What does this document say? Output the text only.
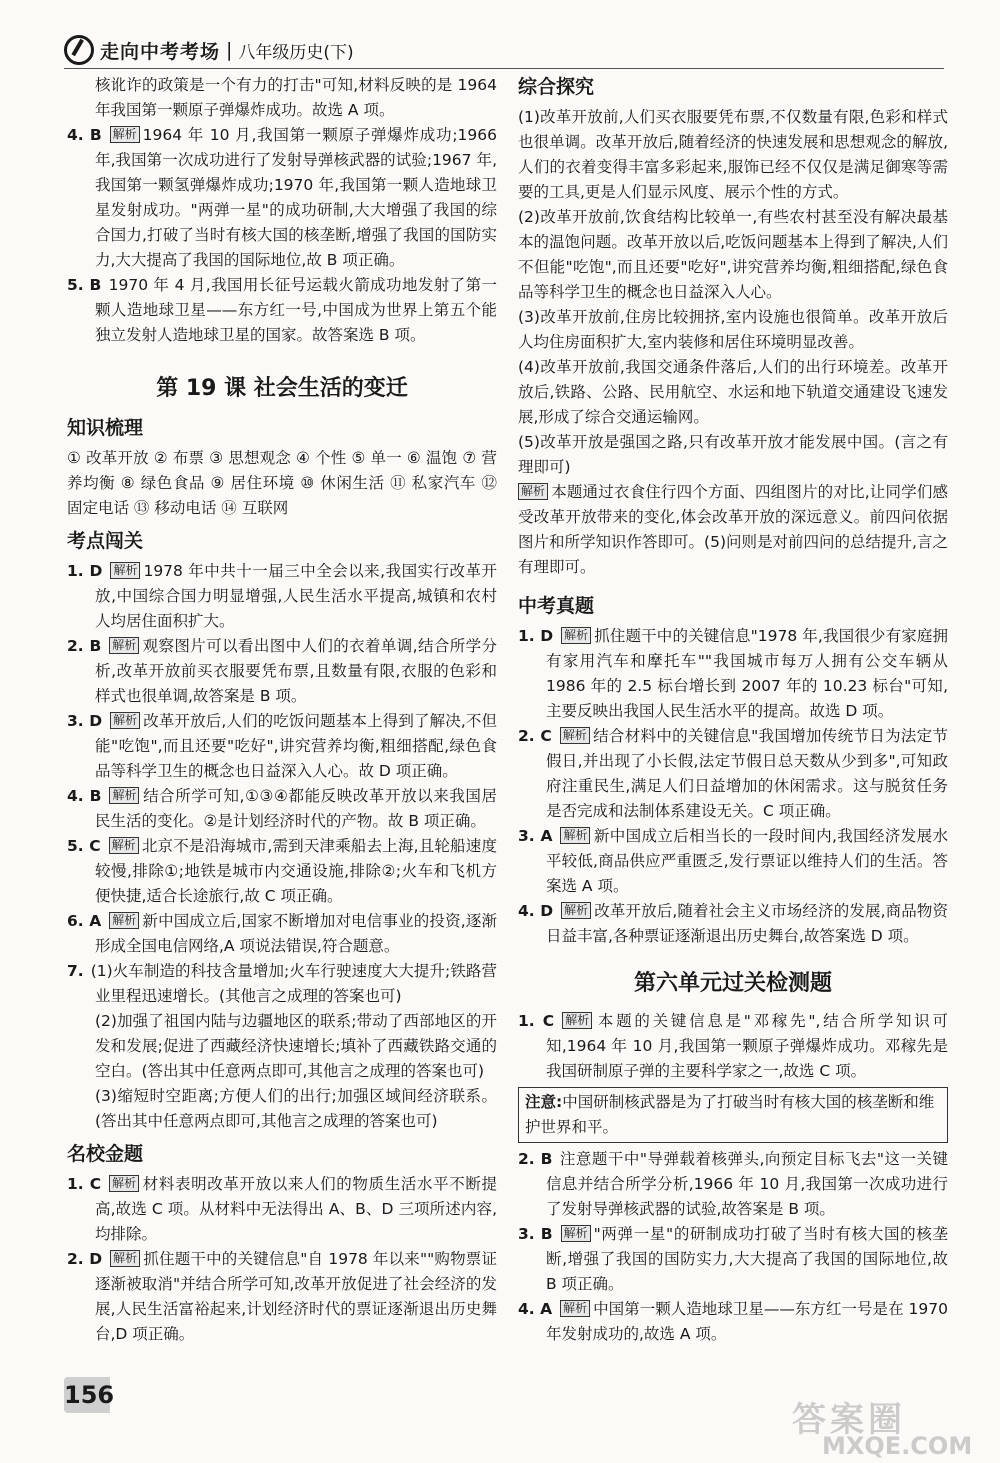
走向中考考场 | 八年级历史(下)

核讹诈的政策是一个有力的打击"可知,材料反映的是 1964 年我国第一颗原子弹爆炸成功。故选 A 项。

4. B 解析 1964 年 10 月,我国第一颗原子弹爆炸成功;1966 年,我国第一次成功进行了发射导弹核武器的试验;1967 年,我国第一颗氢弹爆炸成功;1970 年,我国第一颗人造地球卫星发射成功。"两弹一星"的成功研制,大大增强了我国的综合国力,打破了当时有核大国的核垄断,增强了我国的国防实力,大大提高了我国的国际地位,故 B 项正确。

5. B 1970 年 4 月,我国用长征号运载火箭成功地发射了第一颗人造地球卫星——东方红一号,中国成为世界上第五个能独立发射人造地球卫星的国家。故答案选 B 项。

第 19 课 社会生活的变迁
知识梳理

① 改革开放 ② 布票 ③ 思想观念 ④ 个性 ⑤ 单一 ⑥ 温饱 ⑦ 营养均衡 ⑧ 绿色食品 ⑨ 居住环境 ⑩ 休闲生活 ⑪ 私家汽车 ⑫ 固定电话 ⑬ 移动电话 ⑭ 互联网

考点闯关

1. D 解析 1978 年中共十一届三中全会以来,我国实行改革开放,中国综合国力明显增强,人民生活水平提高,城镇和农村人均居住面积扩大。

2. B 解析 观察图片可以看出图中人们的衣着单调,结合所学分析,改革开放前买衣服要凭布票,且数量有限,衣服的色彩和样式也很单调,故答案是 B 项。

3. D 解析 改革开放后,人们的吃饭问题基本上得到了解决,不但能"吃饱",而且还要"吃好",讲究营养均衡,粗细搭配,绿色食品等科学卫生的概念也日益深入人心。故 D 项正确。

4. B 解析 结合所学可知,①③④都能反映改革开放以来我国居民生活的变化。②是计划经济时代的产物。故 B 项正确。

5. C 解析 北京不是沿海城市,需到天津乘船去上海,且轮船速度较慢,排除①;地铁是城市内交通设施,排除②;火车和飞机方便快捷,适合长途旅行,故 C 项正确。

6. A 解析 新中国成立后,国家不断增加对电信事业的投资,逐渐形成全国电信网络,A 项说法错误,符合题意。

7. (1)火车制造的科技含量增加;火车行驶速度大大提升;铁路营业里程迅速增长。(其他言之成理的答案也可)

(2)加强了祖国内陆与边疆地区的联系;带动了西部地区的开发和发展;促进了西藏经济快速增长;填补了西藏铁路交通的空白。(答出其中任意两点即可,其他言之成理的答案也可)

(3)缩短时空距离;方便人们的出行;加强区域间经济联系。(答出其中任意两点即可,其他言之成理的答案也可)

名校金题

1. C 解析 材料表明改革开放以来人们的物质生活水平不断提高,故选 C 项。从材料中无法得出 A、B、D 三项所述内容,均排除。

2. D 解析 抓住题干中的关键信息"自 1978 年以来""购物票证逐渐被取消"并结合所学可知,改革开放促进了社会经济的发展,人民生活富裕起来,计划经济时代的票证逐渐退出历史舞台,D 项正确。

综合探究

(1)改革开放前,人们买衣服要凭布票,不仅数量有限,色彩和样式也很单调。改革开放后,随着经济的快速发展和思想观念的解放,人们的衣着变得丰富多彩起来,服饰已经不仅仅是满足御寒等需要的工具,更是人们显示风度、展示个性的方式。

(2)改革开放前,饮食结构比较单一,有些农村甚至没有解决最基本的温饱问题。改革开放以后,吃饭问题基本上得到了解决,人们不但能"吃饱",而且还要"吃好",讲究营养均衡,粗细搭配,绿色食品等科学卫生的概念也日益深入人心。

(3)改革开放前,住房比较拥挤,室内设施也很简单。改革开放后人均住房面积扩大,室内装修和居住环境明显改善。

(4)改革开放前,我国交通条件落后,人们的出行环境差。改革开放后,铁路、公路、民用航空、水运和地下轨道交通建设飞速发展,形成了综合交通运输网。

(5)改革开放是强国之路,只有改革开放才能发展中国。(言之有理即可)

解析 本题通过衣食住行四个方面、四组图片的对比,让同学们感受改革开放带来的变化,体会改革开放的深远意义。前四问依据图片和所学知识作答即可。(5)问则是对前四问的总结提升,言之有理即可。

中考真题

1. D 解析 抓住题干中的关键信息"1978 年,我国很少有家庭拥有家用汽车和摩托车""我国城市每万人拥有公交车辆从 1986 年的 2.5 标台增长到 2007 年的 10.23 标台"可知,主要反映出我国人民生活水平的提高。故选 D 项。

2. C 解析 结合材料中的关键信息"我国增加传统节日为法定节假日,并出现了小长假,法定节假日总天数从少到多",可知政府注重民生,满足人们日益增加的休闲需求。这与脱贫任务是否完成和法制体系建设无关。C 项正确。

3. A 解析 新中国成立后相当长的一段时间内,我国经济发展水平较低,商品供应严重匮乏,发行票证以维持人们的生活。答案选 A 项。

4. D 解析 改革开放后,随着社会主义市场经济的发展,商品物资日益丰富,各种票证逐渐退出历史舞台,故答案选 D 项。

第六单元过关检测题

1. C 解析 本题的关键信息是"邓稼先",结合所学知识可知,1964 年 10 月,我国第一颗原子弹爆炸成功。邓稼先是我国研制原子弹的主要科学家之一,故选 C 项。

注意:中国研制核武器是为了打破当时有核大国的核垄断和维护世界和平。

2. B 注意题干中"导弹载着核弹头,向预定目标飞去"这一关键信息并结合所学分析,1966 年 10 月,我国第一次成功进行了发射导弹核武器的试验,故答案是 B 项。

3. B 解析 "两弹一星"的研制成功打破了当时有核大国的核垄断,增强了我国的国防实力,大大提高了我国的国际地位,故 B 项正确。

4. A 解析 中国第一颗人造地球卫星——东方红一号是在 1970 年发射成功的,故选 A 项。

156
答案圈
MXQE.COM
